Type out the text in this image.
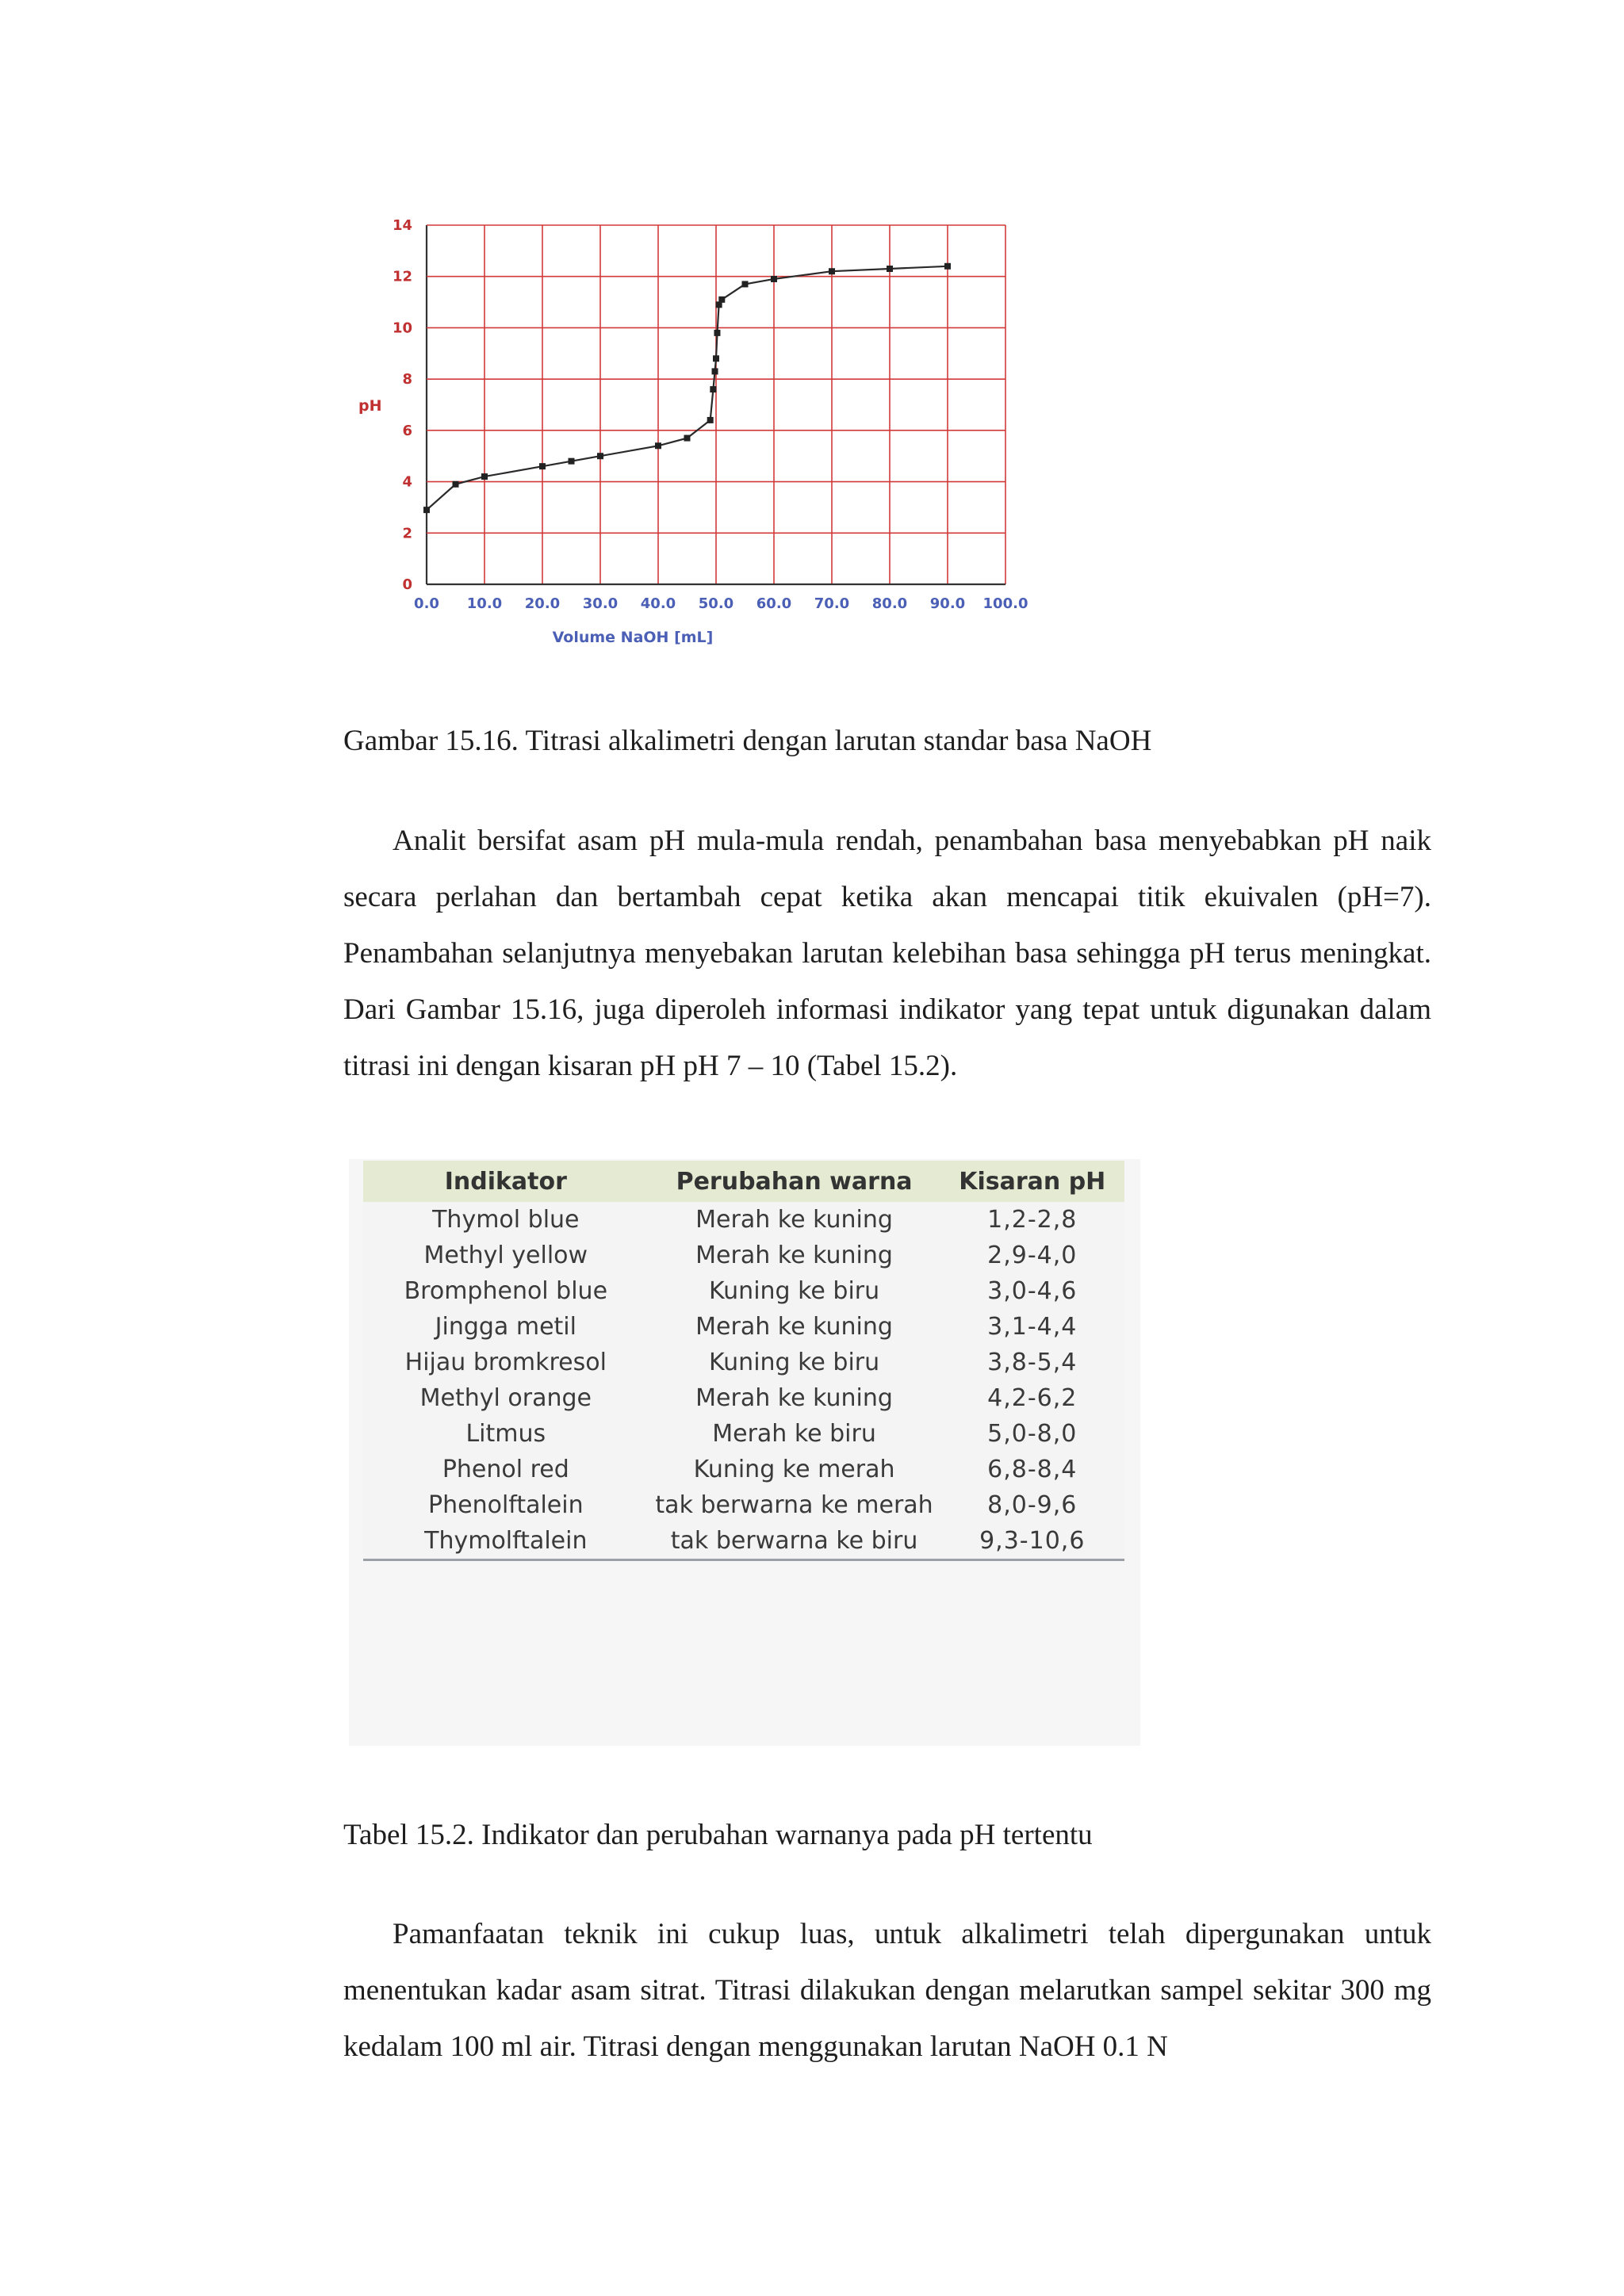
0.0 10.0 20.0 30.0 40.0 50.0 60.0 70.0 80.0 90.0 100.0
0
2
4
6
8
10
12
14
pH
Volume NaOH [mL]
Gambar 15.16. Titrasi alkalimetri dengan larutan standar basa NaOH

Analit bersifat asam pH mula-mula rendah, penambahan basa menyebabkan pH naik secara perlahan dan bertambah cepat ketika akan mencapai titik ekuivalen (pH=7). Penambahan selanjutnya menyebakan larutan kelebihan basa sehingga pH terus meningkat. Dari Gambar 15.16, juga diperoleh informasi indikator yang tepat untuk digunakan dalam titrasi ini dengan kisaran pH pH 7 – 10 (Tabel 15.2).

Indikator	Perubahan warna	Kisaran pH
Thymol blue	Merah ke kuning	1,2-2,8
Methyl yellow	Merah ke kuning	2,9-4,0
Bromphenol blue	Kuning ke biru	3,0-4,6
Jingga metil	Merah ke kuning	3,1-4,4
Hijau bromkresol	Kuning ke biru	3,8-5,4
Methyl orange	Merah ke kuning	4,2-6,2
Litmus	Merah ke biru	5,0-8,0
Phenol red	Kuning ke merah	6,8-8,4
Phenolftalein	tak berwarna ke merah	8,0-9,6
Thymolftalein	tak berwarna ke biru	9,3-10,6
Tabel 15.2. Indikator dan perubahan warnanya pada pH tertentu

Pamanfaatan teknik ini cukup luas, untuk alkalimetri telah dipergunakan untuk menentukan kadar asam sitrat. Titrasi dilakukan dengan melarutkan sampel sekitar 300 mg kedalam 100 ml air. Titrasi dengan menggunakan larutan NaOH 0.1 N
